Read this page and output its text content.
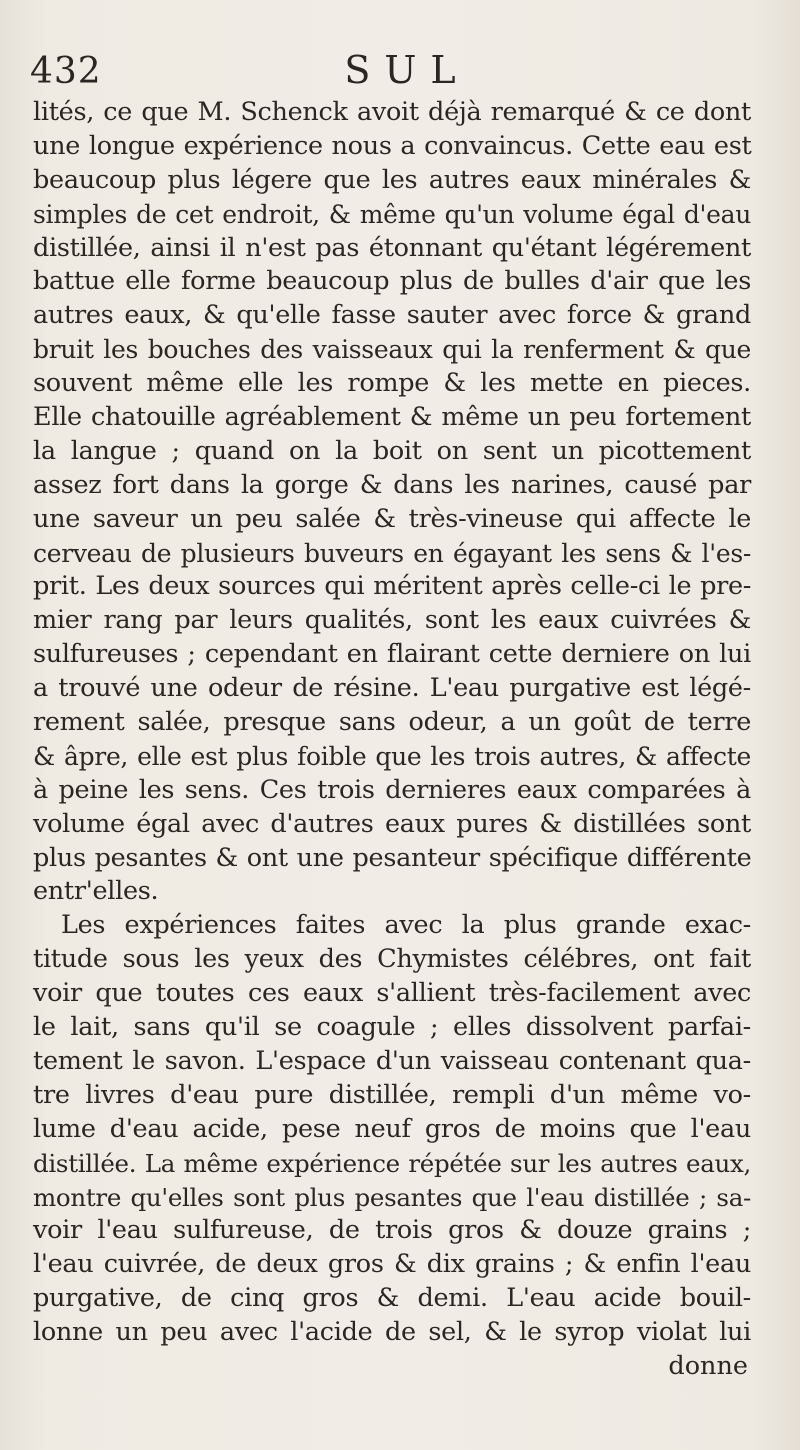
432	SUL
lités, ce que M. Schenck avoit déjà remarqué & ce dont
une longue expérience nous a convaincus. Cette eau est
beaucoup plus légere que les autres eaux minérales &
simples de cet endroit, & même qu'un volume égal d'eau
distillée, ainsi il n'est pas étonnant qu'étant légérement
battue elle forme beaucoup plus de bulles d'air que les
autres eaux, & qu'elle fasse sauter avec force & grand
bruit les bouches des vaisseaux qui la renferment & que
souvent même elle les rompe & les mette en pieces.
Elle chatouille agréablement & même un peu fortement
la langue ; quand on la boit on sent un picottement
assez fort dans la gorge & dans les narines, causé par
une saveur un peu salée & très-vineuse qui affecte le
cerveau de plusieurs buveurs en égayant les sens & l'es-
prit. Les deux sources qui méritent après celle-ci le pre-
mier rang par leurs qualités, sont les eaux cuivrées &
sulfureuses ; cependant en flairant cette derniere on lui
a trouvé une odeur de résine. L'eau purgative est légé-
rement salée, presque sans odeur, a un goût de terre
& âpre, elle est plus foible que les trois autres, & affecte
à peine les sens. Ces trois dernieres eaux comparées à
volume égal avec d'autres eaux pures & distillées sont
plus pesantes & ont une pesanteur spécifique différente
entr'elles.
Les expériences faites avec la plus grande exac-
titude sous les yeux des Chymistes célébres, ont fait
voir que toutes ces eaux s'allient très-facilement avec
le lait, sans qu'il se coagule ; elles dissolvent parfai-
tement le savon. L'espace d'un vaisseau contenant qua-
tre livres d'eau pure distillée, rempli d'un même vo-
lume d'eau acide, pese neuf gros de moins que l'eau
distillée. La même expérience répétée sur les autres eaux,
montre qu'elles sont plus pesantes que l'eau distillée ; sa-
voir l'eau sulfureuse, de trois gros & douze grains ;
l'eau cuivrée, de deux gros & dix grains ; & enfin l'eau
purgative, de cinq gros & demi. L'eau acide bouil-
lonne un peu avec l'acide de sel, & le syrop violat lui
donne
